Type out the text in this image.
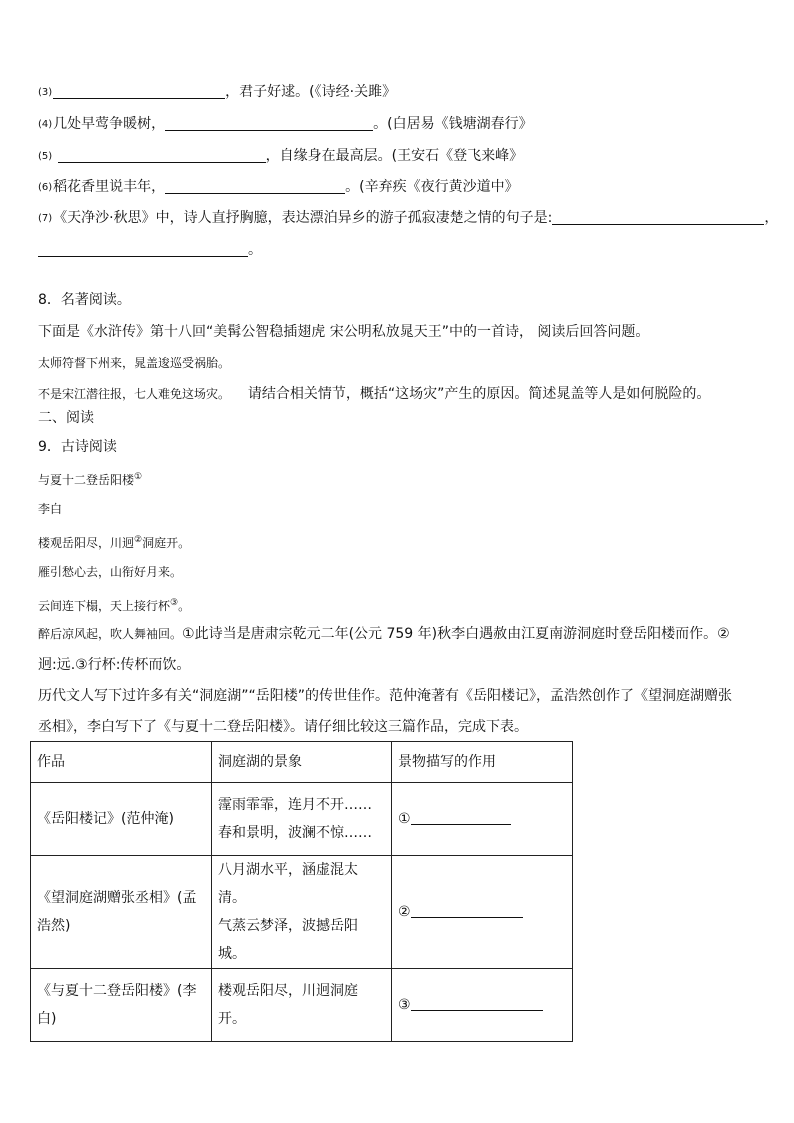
(3)	，君子好逑。(《诗经·关雎》
(4)几处早莺争暖树，	。(白居易《钱塘湖春行》
(5)	，自缘身在最高层。(王安石《登飞来峰》
(6)稻花香里说丰年，	。(辛弃疾《夜行黄沙道中》
(7)《天净沙·秋思》中，诗人直抒胸臆，表达漂泊异乡的游子孤寂凄楚之情的句子是:	，
。
8．名著阅读。
下面是《水浒传》第十八回“美髯公智稳插翅虎 宋公明私放晁天王”中的一首诗， 阅读后回答问题。
太师符督下州来，晁盖逡巡受祸胎。
不是宋江潜往报，七人难免这场灾。 请结合相关情节，概括“这场灾”产生的原因。简述晁盖等人是如何脱险的。
二、阅读
9．古诗阅读
与夏十二登岳阳楼①
李白
楼观岳阳尽，川迥②洞庭开。
雁引愁心去，山衔好月来。
云间连下榻，天上接行杯③。
醉后凉风起，吹人舞袖回。①此诗当是唐肃宗乾元二年(公元 759 年)秋李白遇赦由江夏南游洞庭时登岳阳楼而作。②
迥:远.③行杯:传杯而饮。
历代文人写下过许多有关“洞庭湖”“岳阳楼”的传世佳作。范仲淹著有《岳阳楼记》，孟浩然创作了《望洞庭湖赠张
丞相》，李白写下了《与夏十二登岳阳楼》。请仔细比较这三篇作品，完成下表。
作品	洞庭湖的景象	景物描写的作用
《岳阳楼记》(范仲淹)	霪雨霏霏，连月不开……
春和景明，波澜不惊……	①
《望洞庭湖赠张丞相》(孟浩然)	八月湖水平，涵虚混太清。
气蒸云梦泽，波撼岳阳城。	②
《与夏十二登岳阳楼》(李白)	楼观岳阳尽，川迥洞庭开。	③
